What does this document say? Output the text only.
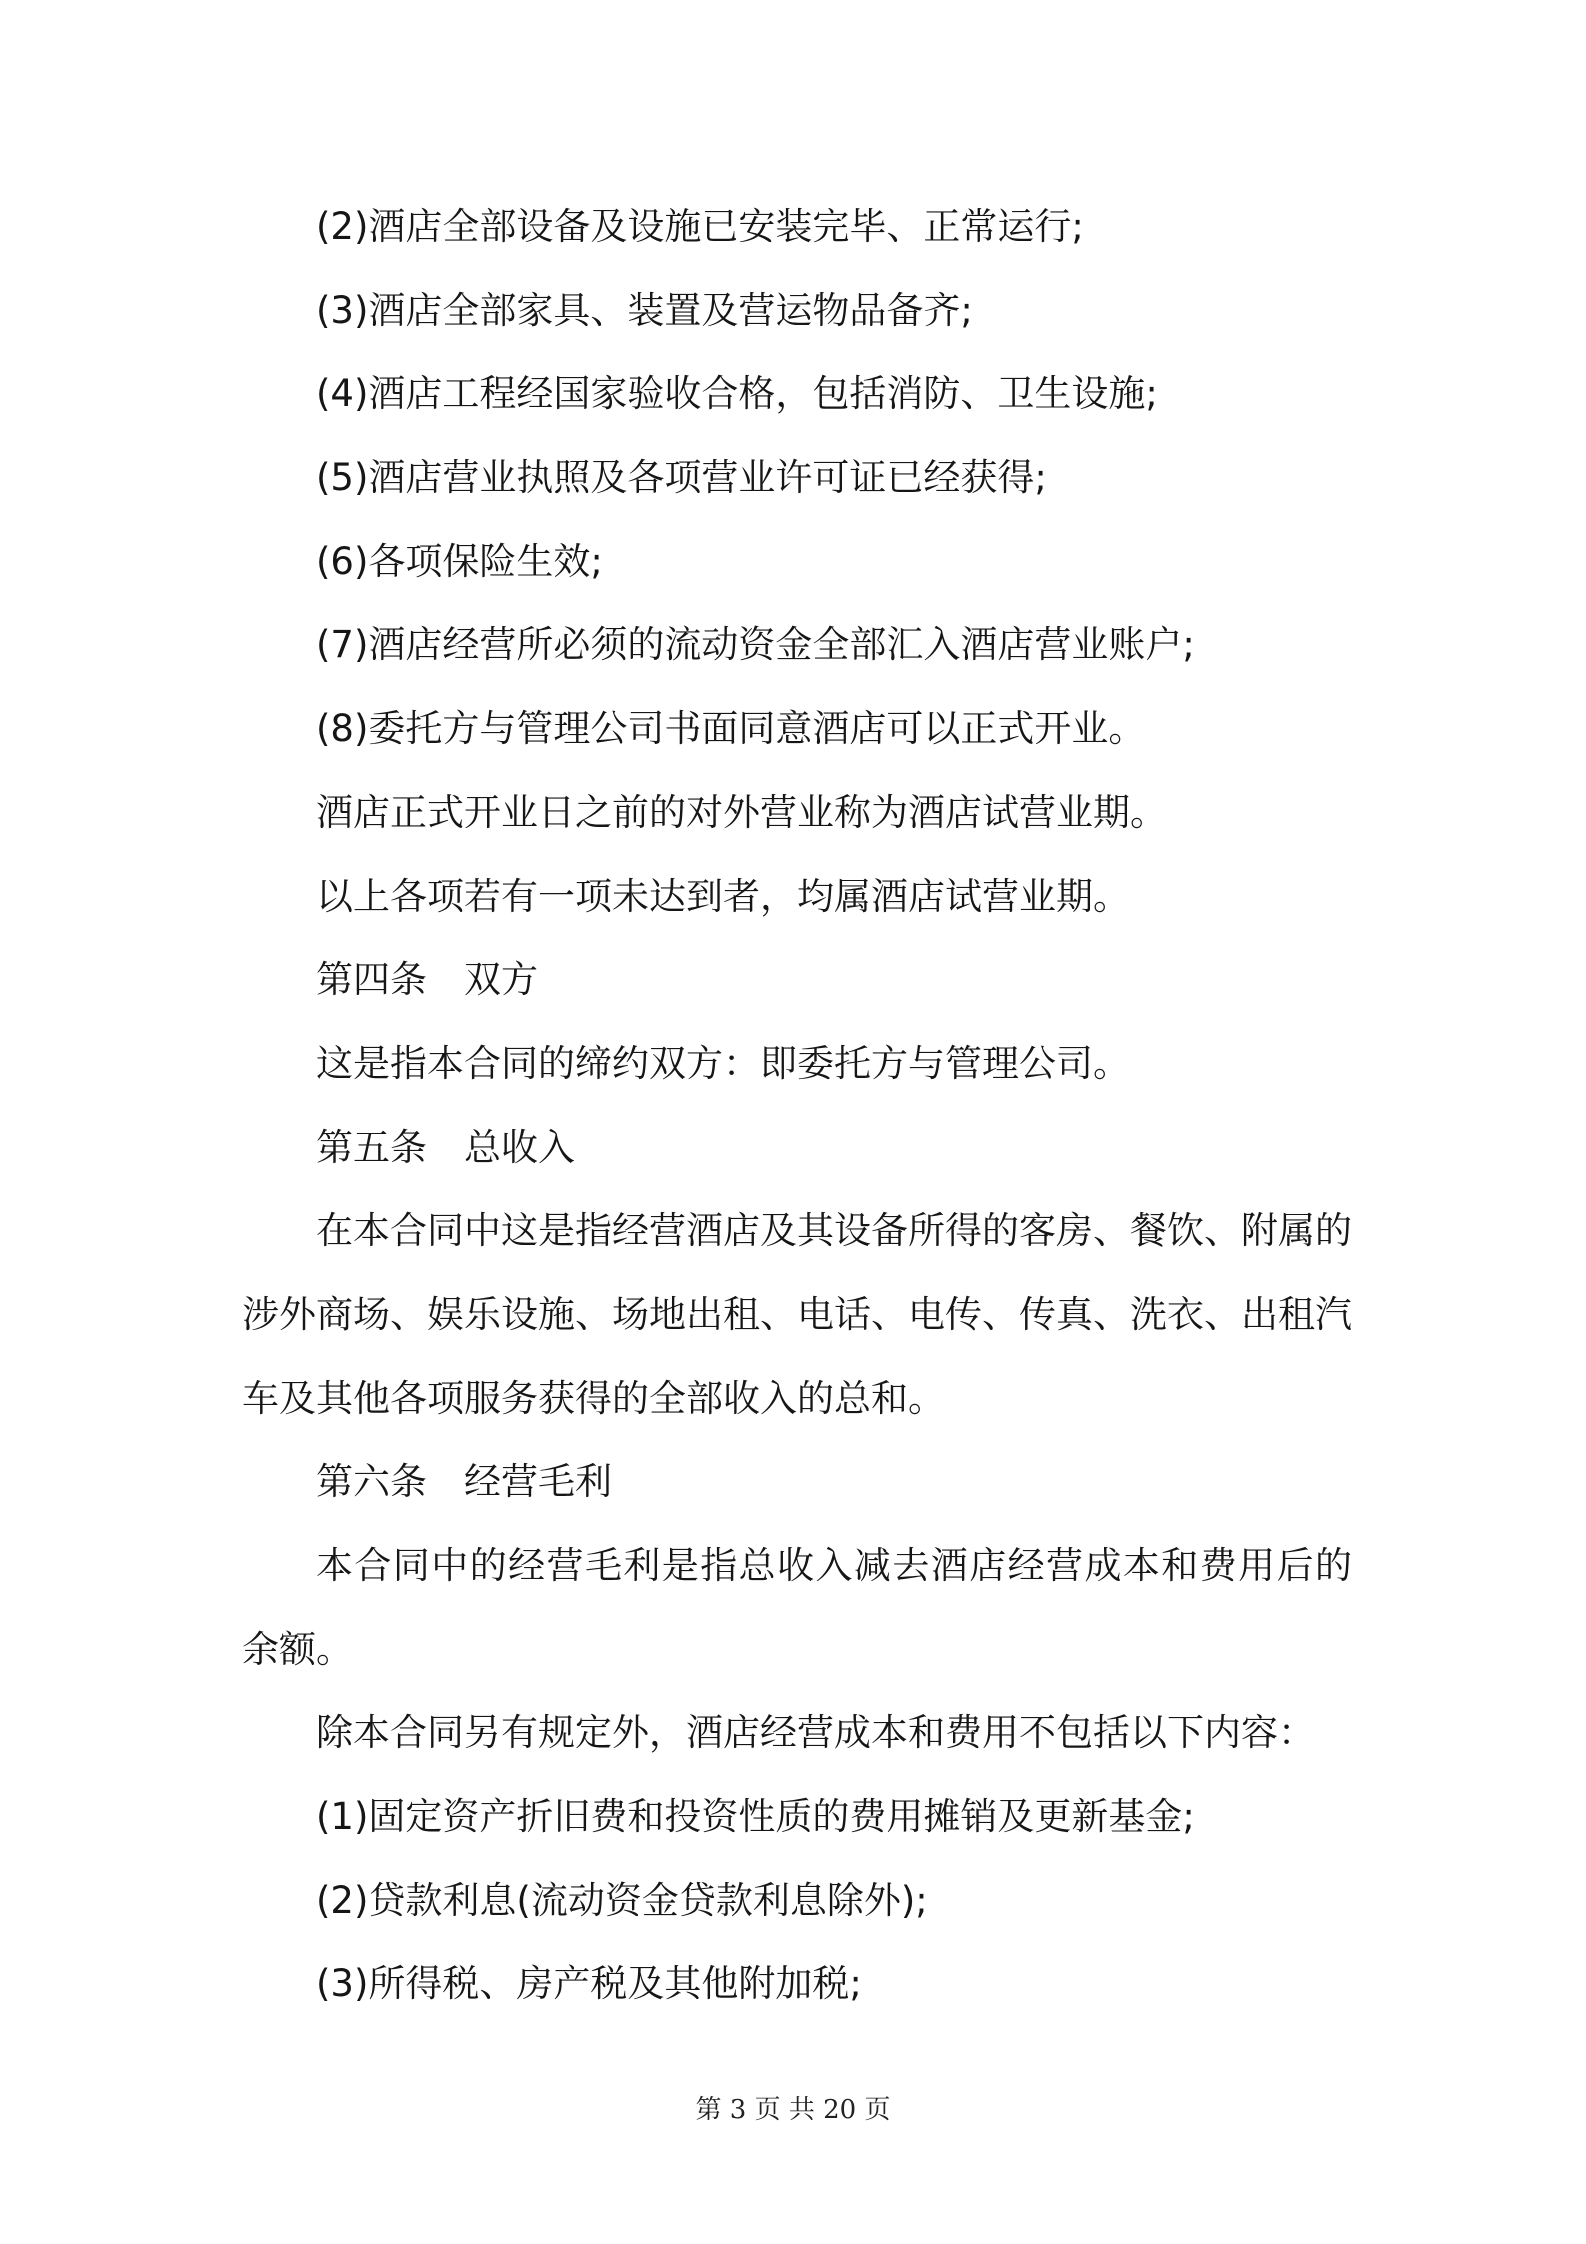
(2)酒店全部设备及设施已安装完毕、正常运行;
(3)酒店全部家具、装置及营运物品备齐;
(4)酒店工程经国家验收合格，包括消防、卫生设施;
(5)酒店营业执照及各项营业许可证已经获得;
(6)各项保险生效;
(7)酒店经营所必须的流动资金全部汇入酒店营业账户;
(8)委托方与管理公司书面同意酒店可以正式开业。
酒店正式开业日之前的对外营业称为酒店试营业期。
以上各项若有一项未达到者，均属酒店试营业期。
第四条 双方
这是指本合同的缔约双方：即委托方与管理公司。
第五条 总收入
在本合同中这是指经营酒店及其设备所得的客房、餐饮、附属的
涉外商场、娱乐设施、场地出租、电话、电传、传真、洗衣、出租汽
车及其他各项服务获得的全部收入的总和。
第六条 经营毛利
本合同中的经营毛利是指总收入减去酒店经营成本和费用后的
余额。
除本合同另有规定外，酒店经营成本和费用不包括以下内容：
(1)固定资产折旧费和投资性质的费用摊销及更新基金;
(2)贷款利息(流动资金贷款利息除外);
(3)所得税、房产税及其他附加税;
第 3 页 共 20 页
